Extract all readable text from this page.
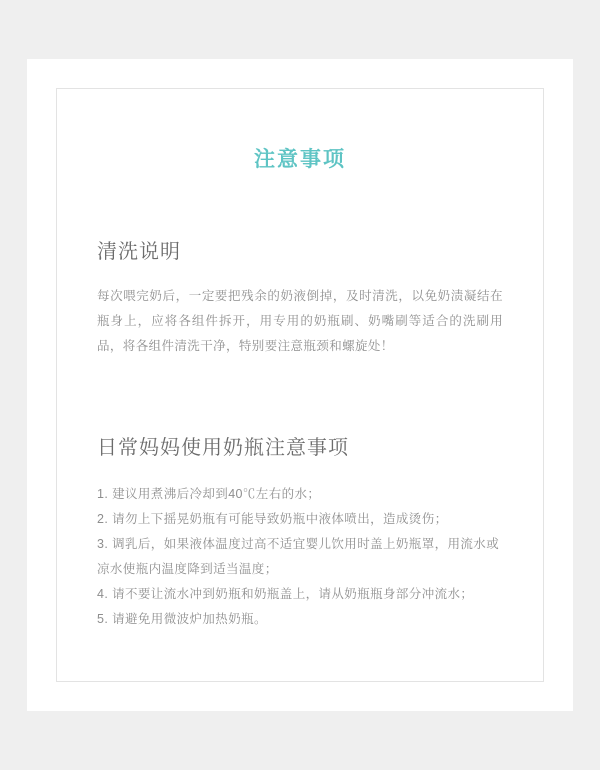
注意事项
清洗说明

每次喂完奶后，一定要把残余的奶液倒掉，及时清洗，以免奶渍凝结在瓶身上，应将各组件拆开，用专用的奶瓶刷、奶嘴刷等适合的洗刷用品，将各组件清洗干净，特别要注意瓶颈和螺旋处！

日常妈妈使用奶瓶注意事项
1. 建议用煮沸后冷却到40℃左右的水；
2. 请勿上下摇晃奶瓶有可能导致奶瓶中液体喷出，造成烫伤；
3. 调乳后，如果液体温度过高不适宜婴儿饮用时盖上奶瓶罩，用流水或凉水使瓶内温度降到适当温度；
4. 请不要让流水冲到奶瓶和奶瓶盖上，请从奶瓶瓶身部分冲流水；
5. 请避免用微波炉加热奶瓶。
